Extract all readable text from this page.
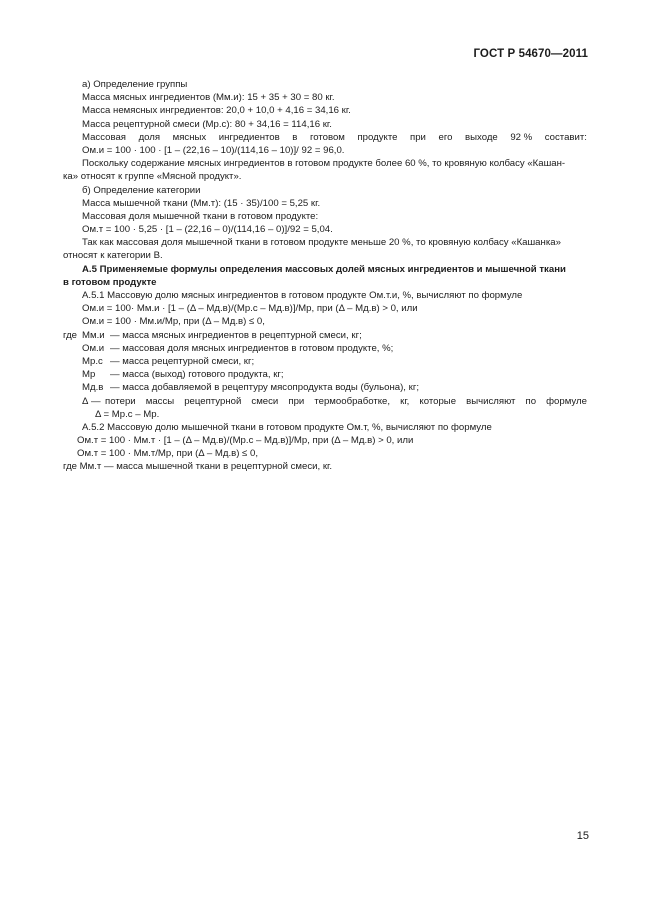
ГОСТ Р 54670—2011
а) Определение группы
Масса мясных ингредиентов (Mм.и): 15 + 35 + 30 = 80 кг.
Масса немясных ингредиентов: 20,0 + 10,0 + 4,16 = 34,16 кг.
Масса рецептурной смеси (Mр.с): 80 + 34,16 = 114,16 кг.
Массовая доля мясных ингредиентов в готовом продукте при его выходе 92 % составит:
Oм.и = 100 · 100 · [1 – (22,16 – 10)/(114,16 – 10)]/ 92 = 96,0.
Поскольку содержание мясных ингредиентов в готовом продукте более 60 %, то кровяную колбасу «Кашан-
ка» относят к группе «Мясной продукт».
б) Определение категории
Масса мышечной ткани (Mм.т): (15 · 35)/100 = 5,25 кг.
Массовая доля мышечной ткани в готовом продукте:
Oм.т = 100 · 5,25 · [1 – (22,16 – 0)/(114,16 – 0)]/92 = 5,04.
Так как массовая доля мышечной ткани в готовом продукте меньше 20 %, то кровяную колбасу «Кашанка»
относят к категории В.
А.5 Применяемые формулы определения массовых долей мясных ингредиентов и мышечной ткани
в готовом продукте
А.5.1 Массовую долю мясных ингредиентов в готовом продукте Oм.т.и, %, вычисляют по формуле
Oм.и = 100· Mм.и · [1 – (Δ – Mд.в)/(Mр.с – Mд.в)]/Mр, при (Δ – Mд.в) > 0, или
Oм.и = 100 · Mм.и/Mр, при (Δ – Mд.в) ≤ 0,
где Mм.и — масса мясных ингредиентов в рецептурной смеси, кг;
Oм.и — массовая доля мясных ингредиентов в готовом продукте, %;
Mр.с — масса рецептурной смеси, кг;
Mр	— масса (выход) готового продукта, кг;
Mд.в — масса добавляемой в рецептуру мясопродукта воды (бульона), кг;
Δ — потери массы рецептурной смеси при термообработке, кг, которые вычисляют по формуле
Δ = Mр.с – Mр.
А.5.2 Массовую долю мышечной ткани в готовом продукте Oм.т, %, вычисляют по формуле
Oм.т = 100 · Mм.т · [1 – (Δ – Mд.в)/(Mр.с – Mд.в)]/Mр, при (Δ – Mд.в) > 0, или
Oм.т = 100 · Mм.т/Mр, при (Δ – Mд.в) ≤ 0,
где Mм.т — масса мышечной ткани в рецептурной смеси, кг.
15
